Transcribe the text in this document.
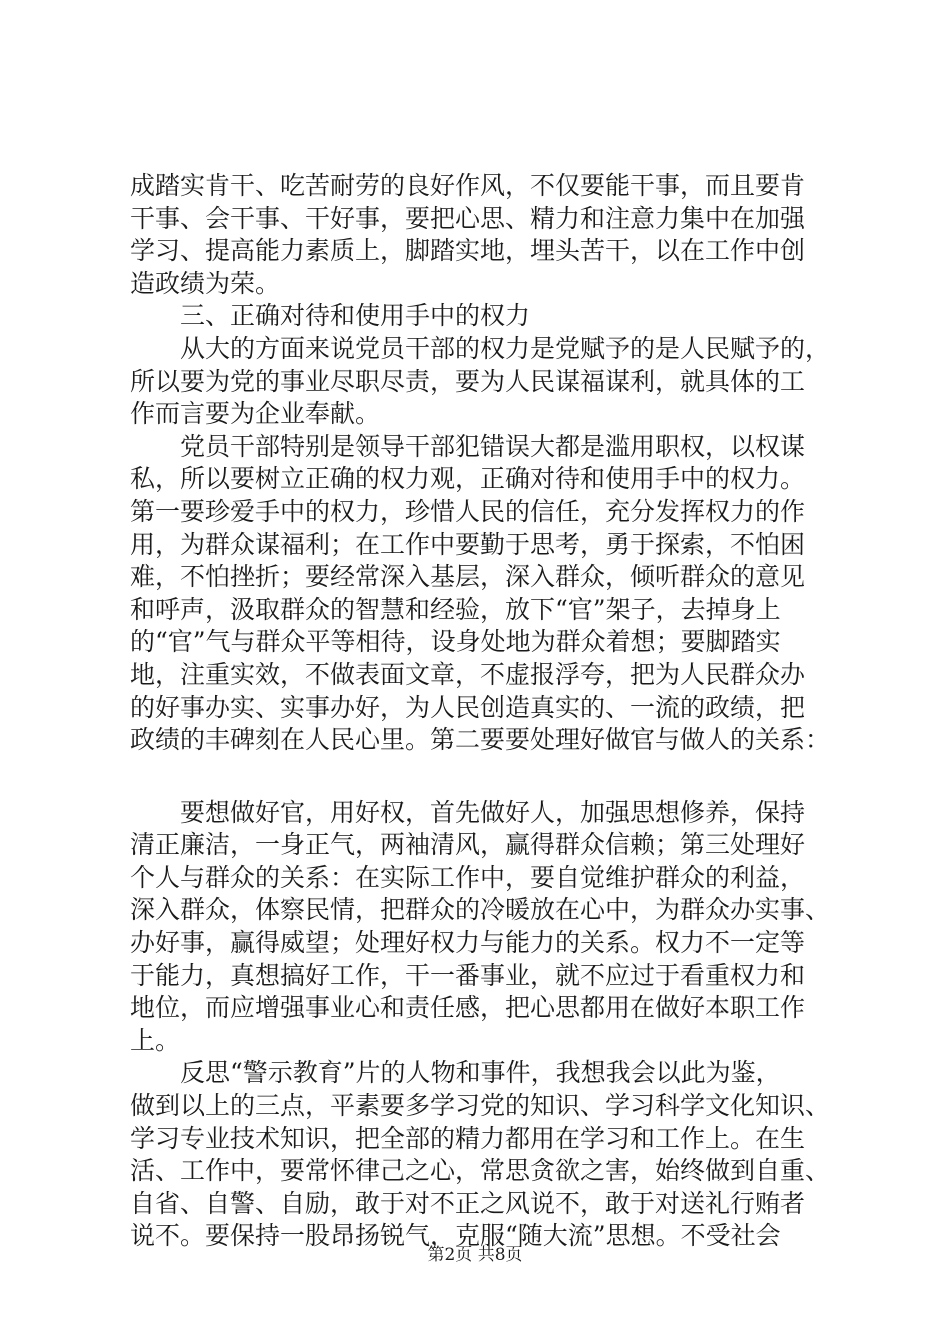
成踏实肯干、吃苦耐劳的良好作风，不仅要能干事，而且要肯
干事、会干事、干好事，要把心思、精力和注意力集中在加强
学习、提高能力素质上，脚踏实地，埋头苦干，以在工作中创
造政绩为荣。
　　三、正确对待和使用手中的权力
　　从大的方面来说党员干部的权力是党赋予的是人民赋予的，
所以要为党的事业尽职尽责，要为人民谋福谋利，就具体的工
作而言要为企业奉献。
　　党员干部特别是领导干部犯错误大都是滥用职权，以权谋
私，所以要树立正确的权力观，正确对待和使用手中的权力。
第一要珍爱手中的权力，珍惜人民的信任，充分发挥权力的作
用，为群众谋福利；在工作中要勤于思考，勇于探索，不怕困
难，不怕挫折；要经常深入基层，深入群众，倾听群众的意见
和呼声，汲取群众的智慧和经验，放下“官”架子，去掉身上
的“官”气与群众平等相待，设身处地为群众着想；要脚踏实
地，注重实效，不做表面文章，不虚报浮夸，把为人民群众办
的好事办实、实事办好，为人民创造真实的、一流的政绩，把
政绩的丰碑刻在人民心里。第二要要处理好做官与做人的关系：
　　要想做好官，用好权，首先做好人，加强思想修养，保持
清正廉洁，一身正气，两袖清风，赢得群众信赖；第三处理好
个人与群众的关系：在实际工作中，要自觉维护群众的利益，
深入群众，体察民情，把群众的冷暖放在心中，为群众办实事、
办好事，赢得威望；处理好权力与能力的关系。权力不一定等
于能力，真想搞好工作，干一番事业，就不应过于看重权力和
地位，而应增强事业心和责任感，把心思都用在做好本职工作
上。
　　反思“警示教育”片的人物和事件，我想我会以此为鉴，
做到以上的三点，平素要多学习党的知识、学习科学文化知识、
学习专业技术知识，把全部的精力都用在学习和工作上。在生
活、工作中，要常怀律己之心，常思贪欲之害，始终做到自重、
自省、自警、自励，敢于对不正之风说不，敢于对送礼行贿者
说不。要保持一股昂扬锐气，克服“随大流”思想。不受社会
第2页 共8页
